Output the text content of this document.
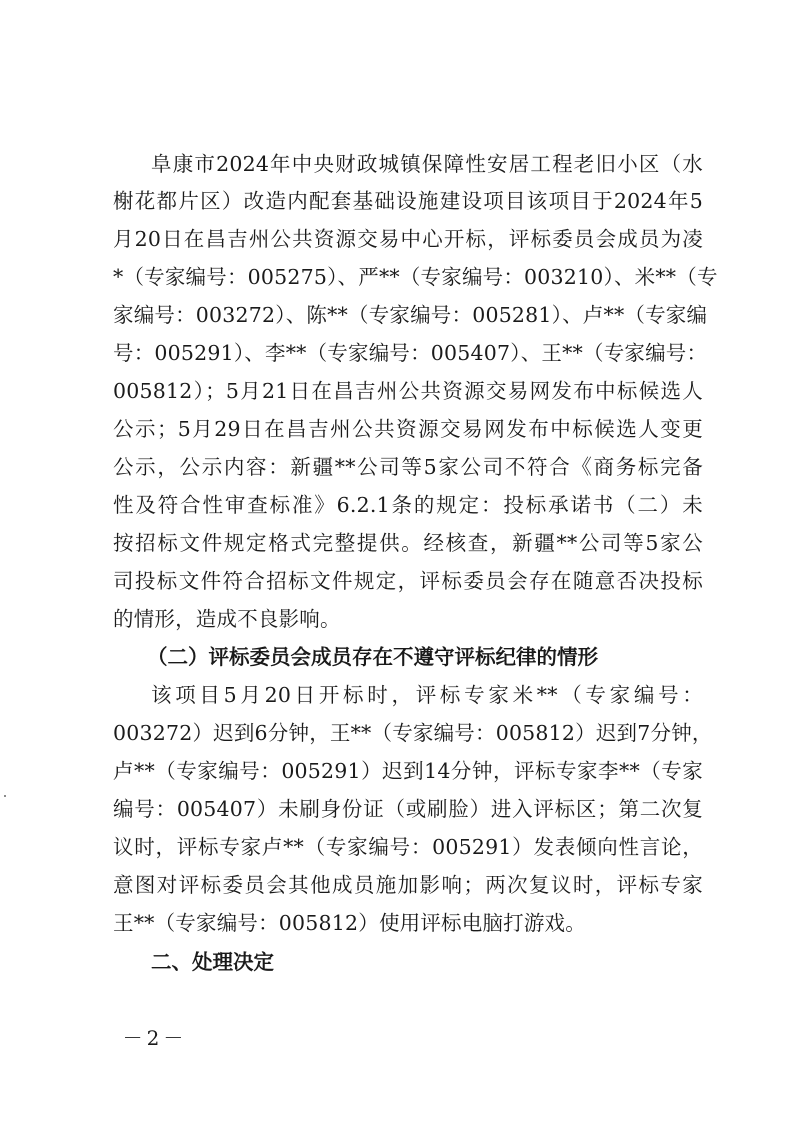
阜康市2024年中央财政城镇保障性安居工程老旧小区（水
榭花都片区）改造内配套基础设施建设项目该项目于2024年5
月20日在昌吉州公共资源交易中心开标，评标委员会成员为凌
*（专家编号：005275）、严**（专家编号：003210）、米**（专
家编号：003272）、陈**（专家编号：005281）、卢**（专家编
号：005291）、李**（专家编号：005407）、王**（专家编号：
005812）；5月21日在昌吉州公共资源交易网发布中标候选人
公示；5月29日在昌吉州公共资源交易网发布中标候选人变更
公示，公示内容：新疆**公司等5家公司不符合《商务标完备
性及符合性审查标准》6.2.1条的规定：投标承诺书（二）未
按招标文件规定格式完整提供。经核查，新疆**公司等5家公
司投标文件符合招标文件规定，评标委员会存在随意否决投标
的情形，造成不良影响。
（二）评标委员会成员存在不遵守评标纪律的情形
该项目5月20日开标时，评标专家米**（专家编号：
003272）迟到6分钟，王**（专家编号：005812）迟到7分钟，
卢**（专家编号：005291）迟到14分钟，评标专家李**（专家
编号：005407）未刷身份证（或刷脸）进入评标区；第二次复
议时，评标专家卢**（专家编号：005291）发表倾向性言论，
意图对评标委员会其他成员施加影响；两次复议时，评标专家
王**（专家编号：005812）使用评标电脑打游戏。
二、处理决定
－2－
